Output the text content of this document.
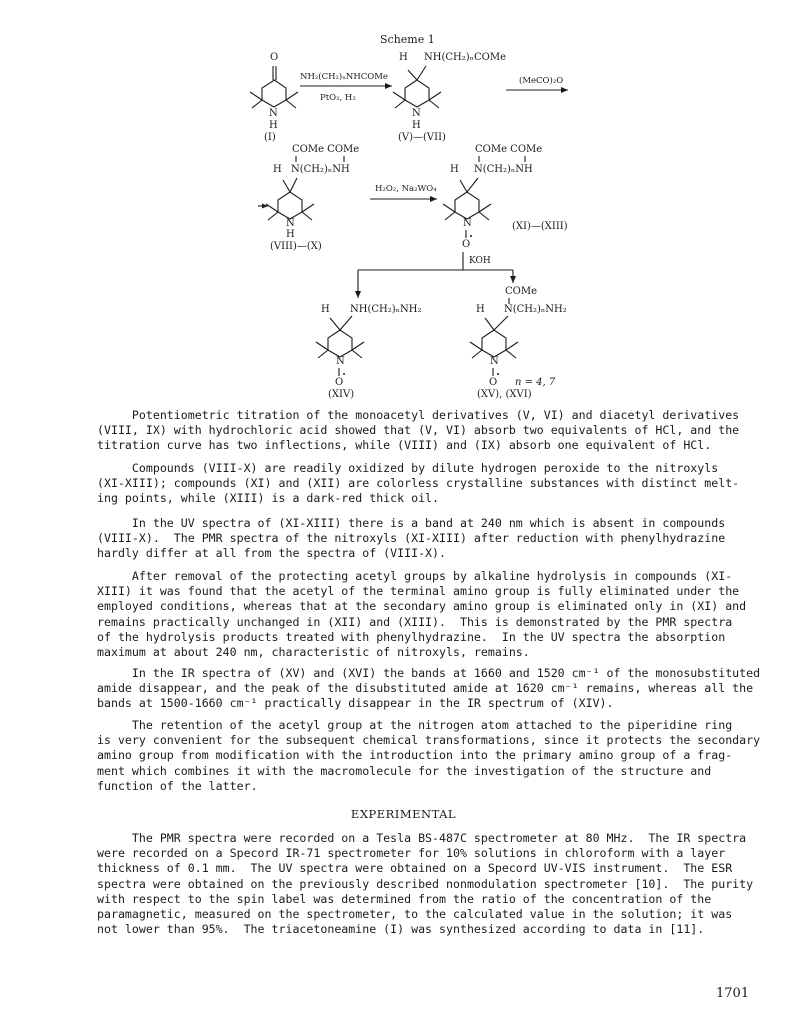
Scheme 1
O
N
H
(I)
NH₂(CH₂)ₙNHCOMe
PtO₂, H₂
H NH(CH₂)ₙCOMe
N
H
(V)—(VII)
(MeCO)₂O
COMe COMe
H N(CH₂)ₙNH
N
H
(VIII)—(X)
H₂O₂, Na₂WO₄
COMe COMe
H N(CH₂)ₙNH
N
O
(XI)—(XIII)
KOH
H NH(CH₂)ₙNH₂
N
O
(XIV)
COMe
H N(CH₂)ₙNH₂
N
O n = 4, 7
(XV), (XVI)
Potentiometric titration of the monoacetyl derivatives (V, VI) and diacetyl derivatives
(VIII, IX) with hydrochloric acid showed that (V, VI) absorb two equivalents of HCl, and the
titration curve has two inflections, while (VIII) and (IX) absorb one equivalent of HCl.
Compounds (VIII-X) are readily oxidized by dilute hydrogen peroxide to the nitroxyls
(XI-XIII); compounds (XI) and (XII) are colorless crystalline substances with distinct melt-
ing points, while (XIII) is a dark-red thick oil.
In the UV spectra of (XI-XIII) there is a band at 240 nm which is absent in compounds
(VIII-X).  The PMR spectra of the nitroxyls (XI-XIII) after reduction with phenylhydrazine
hardly differ at all from the spectra of (VIII-X).
After removal of the protecting acetyl groups by alkaline hydrolysis in compounds (XI-
XIII) it was found that the acetyl of the terminal amino group is fully eliminated under the
employed conditions, whereas that at the secondary amino group is eliminated only in (XI) and
remains practically unchanged in (XII) and (XIII).  This is demonstrated by the PMR spectra
of the hydrolysis products treated with phenylhydrazine.  In the UV spectra the absorption
maximum at about 240 nm, characteristic of nitroxyls, remains.
In the IR spectra of (XV) and (XVI) the bands at 1660 and 1520 cm⁻¹ of the monosubstituted
amide disappear, and the peak of the disubstituted amide at 1620 cm⁻¹ remains, whereas all the
bands at 1500-1660 cm⁻¹ practically disappear in the IR spectrum of (XIV).
The retention of the acetyl group at the nitrogen atom attached to the piperidine ring
is very convenient for the subsequent chemical transformations, since it protects the secondary
amino group from modification with the introduction into the primary amino group of a frag-
ment which combines it with the macromolecule for the investigation of the structure and
function of the latter.
EXPERIMENTAL
The PMR spectra were recorded on a Tesla BS-487C spectrometer at 80 MHz.  The IR spectra
were recorded on a Specord IR-71 spectrometer for 10% solutions in chloroform with a layer
thickness of 0.1 mm.  The UV spectra were obtained on a Specord UV-VIS instrument.  The ESR
spectra were obtained on the previously described nonmodulation spectrometer [10].  The purity
with respect to the spin label was determined from the ratio of the concentration of the
paramagnetic, measured on the spectrometer, to the calculated value in the solution; it was
not lower than 95%.  The triacetoneamine (I) was synthesized according to data in [11].
1701
